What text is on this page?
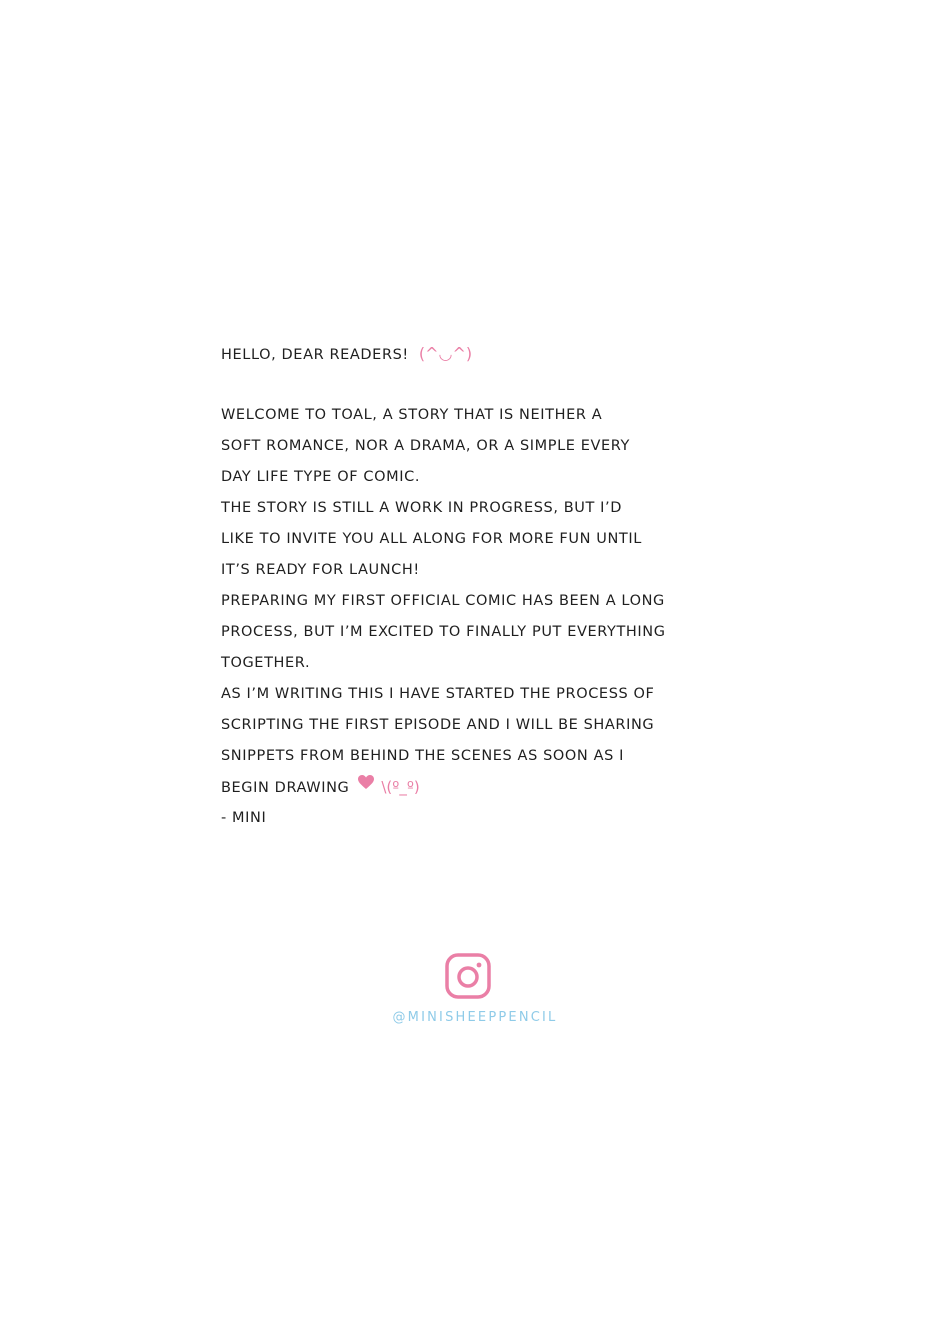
HELLO, DEAR READERS! (^◡^)
WELCOME TO TOAL, A STORY THAT IS NEITHER A
SOFT ROMANCE, NOR A DRAMA, OR A SIMPLE EVERY
DAY LIFE TYPE OF COMIC.
THE STORY IS STILL A WORK IN PROGRESS, BUT I’D
LIKE TO INVITE YOU ALL ALONG FOR MORE FUN UNTIL
IT’S READY FOR LAUNCH!
PREPARING MY FIRST OFFICIAL COMIC HAS BEEN A LONG
PROCESS, BUT I’M EXCITED TO FINALLY PUT EVERYTHING
TOGETHER.
AS I’M WRITING THIS I HAVE STARTED THE PROCESS OF
SCRIPTING THE FIRST EPISODE AND I WILL BE SHARING
SNIPPETS FROM BEHIND THE SCENES AS SOON AS I
BEGIN DRAWING \(º_º)
- MINI
@MINISHEEPPENCIL
